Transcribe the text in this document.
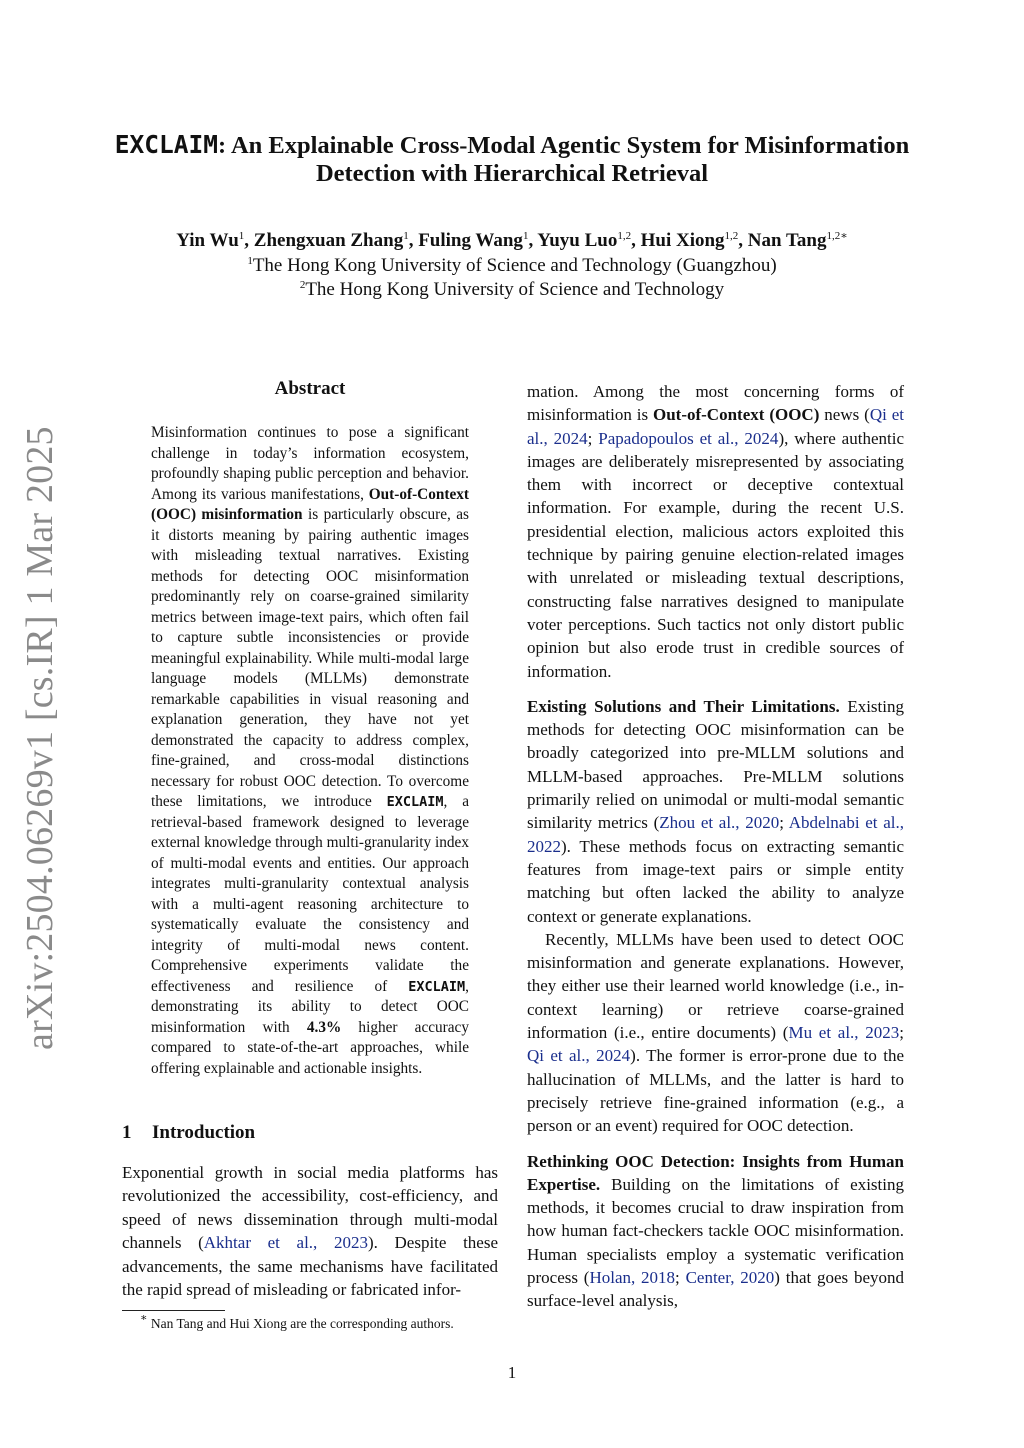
arXiv:2504.06269v1 [cs.IR] 1 Mar 2025
EXCLAIM: An Explainable Cross-Modal Agentic System for Misinformation Detection with Hierarchical Retrieval
Yin Wu$^1$, Zhengxuan Zhang$^1$, Fuling Wang$^1$, Yuyu Luo$^{1,2}$, Hui Xiong$^{1,2}$, Nan Tang$^{1,2∗}$
$^1$The Hong Kong University of Science and Technology (Guangzhou)
$^2$The Hong Kong University of Science and Technology
Abstract
Misinformation continues to pose a significant challenge in today’s information ecosystem, profoundly shaping public perception and behavior. Among its various manifestations, Out-of-Context (OOC) misinformation is particularly obscure, as it distorts meaning by pairing authentic images with misleading textual narratives. Existing methods for detecting OOC misinformation predominantly rely on coarse-grained similarity metrics between image-text pairs, which often fail to capture subtle inconsistencies or provide meaningful explainability. While multi-modal large language models (MLLMs) demonstrate remarkable capabilities in visual reasoning and explanation generation, they have not yet demonstrated the capacity to address complex, fine-grained, and cross-modal distinctions necessary for robust OOC detection. To overcome these limitations, we introduce EXCLAIM, a retrieval-based framework designed to leverage external knowledge through multi-granularity index of multi-modal events and entities. Our approach integrates multi-granularity contextual analysis with a multi-agent reasoning architecture to systematically evaluate the consistency and integrity of multi-modal news content. Comprehensive experiments validate the effectiveness and resilience of EXCLAIM, demonstrating its ability to detect OOC misinformation with 4.3% higher accuracy compared to state-of-the-art approaches, while offering explainable and actionable insights.
1 Introduction
Exponential growth in social media platforms has revolutionized the accessibility, cost-efficiency, and speed of news dissemination through multi-modal channels (Akhtar et al., 2023). Despite these advancements, the same mechanisms have facilitated the rapid spread of misleading or fabricated infor-
∗ Nan Tang and Hui Xiong are the corresponding authors.

mation. Among the most concerning forms of misinformation is Out-of-Context (OOC) news (Qi et al., 2024; Papadopoulos et al., 2024), where authentic images are deliberately misrepresented by associating them with incorrect or deceptive contextual information. For example, during the recent U.S. presidential election, malicious actors exploited this technique by pairing genuine election-related images with unrelated or misleading textual descriptions, constructing false narratives designed to manipulate voter perceptions. Such tactics not only distort public opinion but also erode trust in credible sources of information.

Existing Solutions and Their Limitations. Existing methods for detecting OOC misinformation can be broadly categorized into pre-MLLM solutions and MLLM-based approaches. Pre-MLLM solutions primarily relied on unimodal or multi-modal semantic similarity metrics (Zhou et al., 2020; Abdelnabi et al., 2022). These methods focus on extracting semantic features from image-text pairs or simple entity matching but often lacked the ability to analyze context or generate explanations.

Recently, MLLMs have been used to detect OOC misinformation and generate explanations. However, they either use their learned world knowledge (i.e., in-context learning) or retrieve coarse-grained information (i.e., entire documents) (Mu et al., 2023; Qi et al., 2024). The former is error-prone due to the hallucination of MLLMs, and the latter is hard to precisely retrieve fine-grained information (e.g., a person or an event) required for OOC detection.

Rethinking OOC Detection: Insights from Human Expertise. Building on the limitations of existing methods, it becomes crucial to draw inspiration from how human fact-checkers tackle OOC misinformation. Human specialists employ a systematic verification process (Holan, 2018; Center, 2020) that goes beyond surface-level analysis,

1
